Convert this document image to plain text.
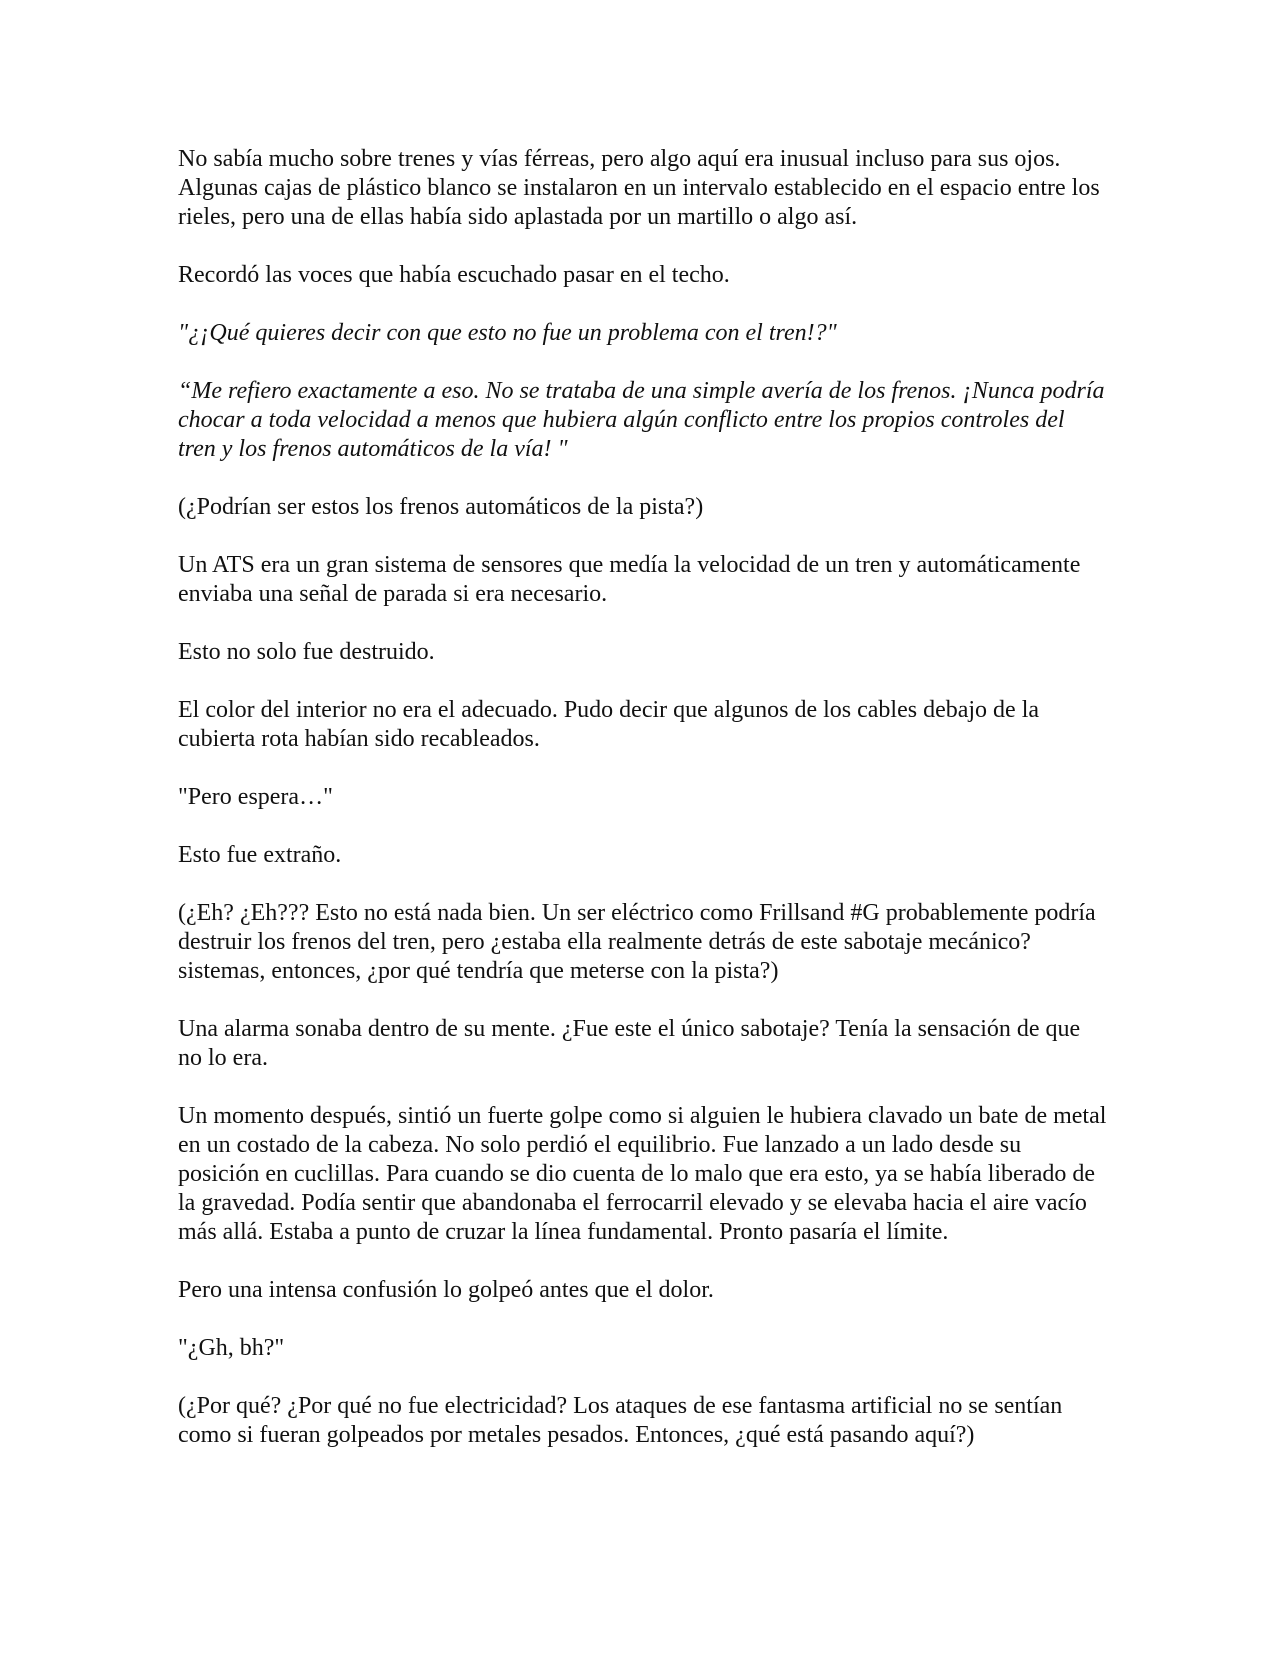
No sabía mucho sobre trenes y vías férreas, pero algo aquí era inusual incluso para sus ojos. Algunas cajas de plástico blanco se instalaron en un intervalo establecido en el espacio entre los rieles, pero una de ellas había sido aplastada por un martillo o algo así.

Recordó las voces que había escuchado pasar en el techo.

"¿¡Qué quieres decir con que esto no fue un problema con el tren!?"

“Me refiero exactamente a eso. No se trataba de una simple avería de los frenos. ¡Nunca podría chocar a toda velocidad a menos que hubiera algún conflicto entre los propios controles del tren y los frenos automáticos de la vía! "

(¿Podrían ser estos los frenos automáticos de la pista?)

Un ATS era un gran sistema de sensores que medía la velocidad de un tren y automáticamente enviaba una señal de parada si era necesario.

Esto no solo fue destruido.

El color del interior no era el adecuado. Pudo decir que algunos de los cables debajo de la cubierta rota habían sido recableados.

"Pero espera…"

Esto fue extraño.

(¿Eh? ¿Eh??? Esto no está nada bien. Un ser eléctrico como Frillsand #G probablemente podría destruir los frenos del tren, pero ¿estaba ella realmente detrás de este sabotaje mecánico? sistemas, entonces, ¿por qué tendría que meterse con la pista?)

Una alarma sonaba dentro de su mente. ¿Fue este el único sabotaje? Tenía la sensación de que no lo era.

Un momento después, sintió un fuerte golpe como si alguien le hubiera clavado un bate de metal en un costado de la cabeza. No solo perdió el equilibrio. Fue lanzado a un lado desde su posición en cuclillas. Para cuando se dio cuenta de lo malo que era esto, ya se había liberado de la gravedad. Podía sentir que abandonaba el ferrocarril elevado y se elevaba hacia el aire vacío más allá. Estaba a punto de cruzar la línea fundamental. Pronto pasaría el límite.

Pero una intensa confusión lo golpeó antes que el dolor.

"¿Gh, bh?"

(¿Por qué? ¿Por qué no fue electricidad? Los ataques de ese fantasma artificial no se sentían como si fueran golpeados por metales pesados. Entonces, ¿qué está pasando aquí?)
